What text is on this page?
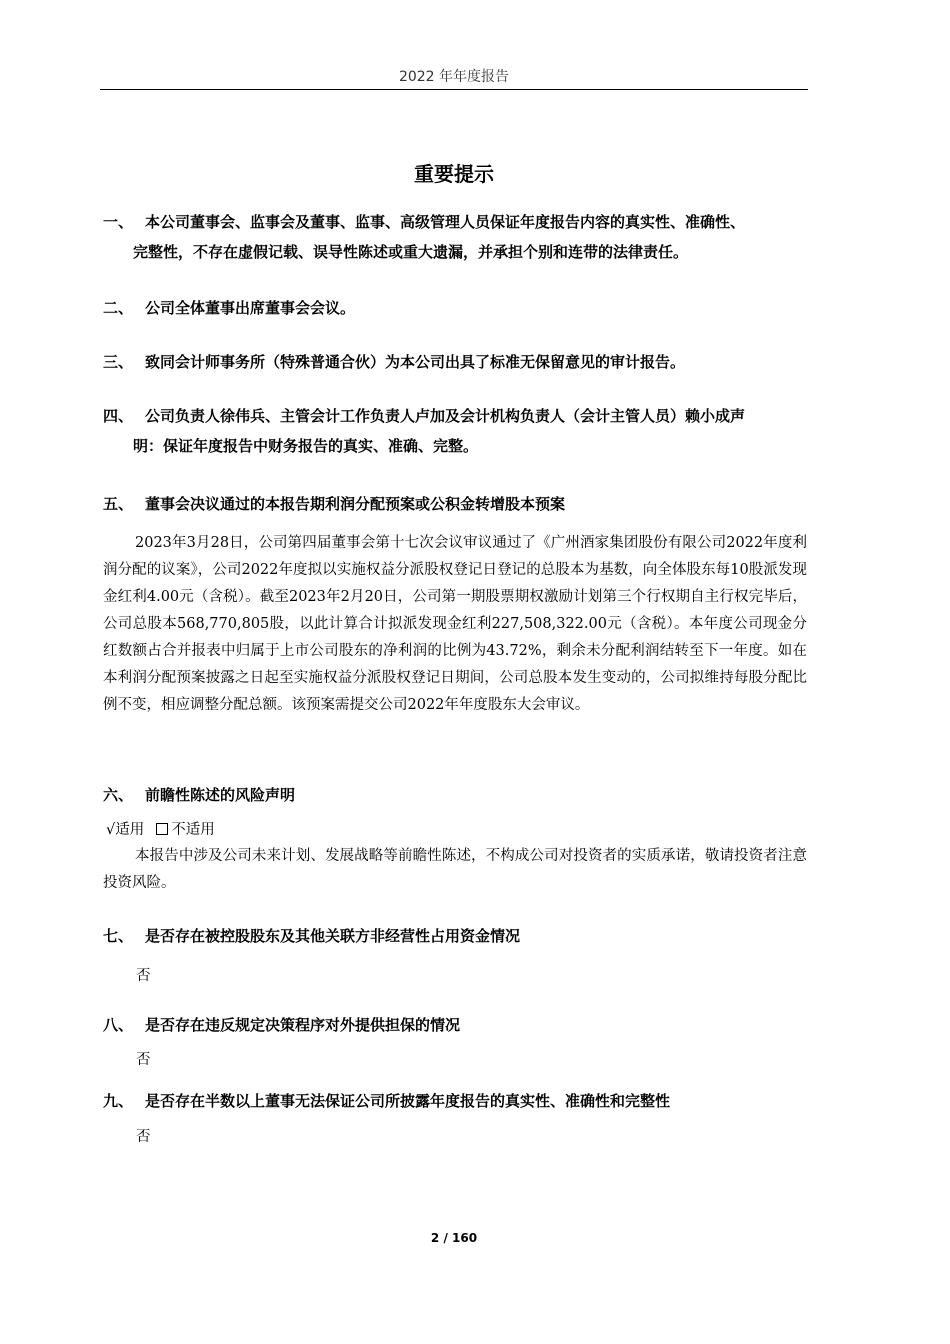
2022 年年度报告
重要提示
一、 本公司董事会、监事会及董事、监事、高级管理人员保证年度报告内容的真实性、准确性、
完整性，不存在虚假记载、误导性陈述或重大遗漏，并承担个别和连带的法律责任。
二、 公司全体董事出席董事会会议。
三、 致同会计师事务所（特殊普通合伙）为本公司出具了标准无保留意见的审计报告。
四、 公司负责人徐伟兵、主管会计工作负责人卢加及会计机构负责人（会计主管人员）赖小成声
明：保证年度报告中财务报告的真实、准确、完整。
五、 董事会决议通过的本报告期利润分配预案或公积金转增股本预案
2023年3月28日，公司第四届董事会第十七次会议审议通过了《广州酒家集团股份有限公司2022年度利润分配的议案》，公司2022年度拟以实施权益分派股权登记日登记的总股本为基数，向全体股东每10股派发现金红利4.00元（含税）。截至2023年2月20日，公司第一期股票期权激励计划第三个行权期自主行权完毕后，公司总股本568,770,805股，以此计算合计拟派发现金红利227,508,322.00元（含税）。本年度公司现金分红数额占合并报表中归属于上市公司股东的净利润的比例为43.72%，剩余未分配利润结转至下一年度。如在本利润分配预案披露之日起至实施权益分派股权登记日期间，公司总股本发生变动的，公司拟维持每股分配比例不变，相应调整分配总额。该预案需提交公司2022年年度股东大会审议。
六、 前瞻性陈述的风险声明
√适用 不适用
本报告中涉及公司未来计划、发展战略等前瞻性陈述，不构成公司对投资者的实质承诺，敬请投资者注意投资风险。
七、 是否存在被控股股东及其他关联方非经营性占用资金情况
否
八、 是否存在违反规定决策程序对外提供担保的情况
否
九、 是否存在半数以上董事无法保证公司所披露年度报告的真实性、准确性和完整性
否
2 / 160
